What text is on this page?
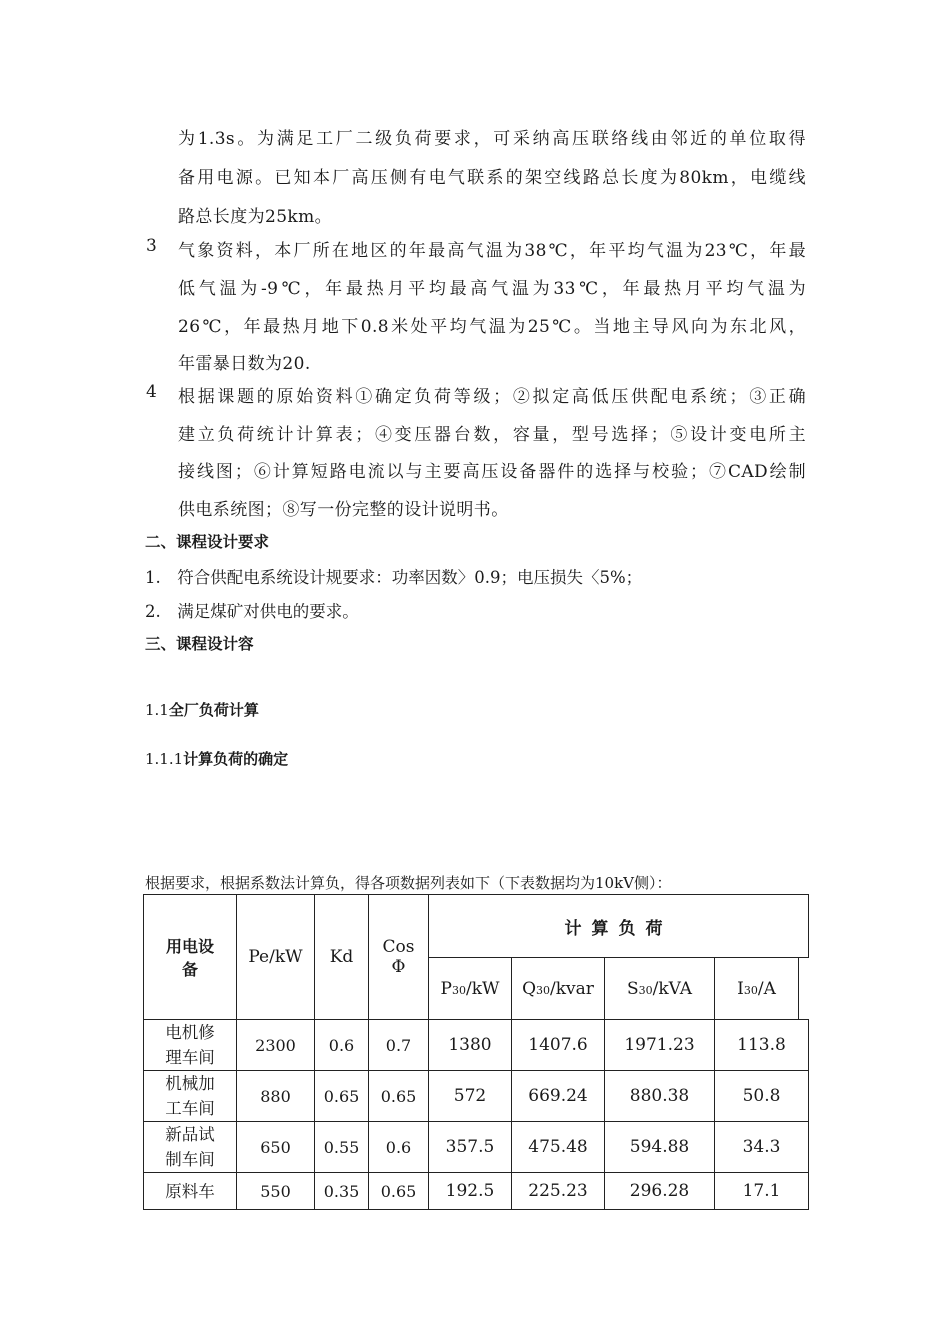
为1.3s。为满足工厂二级负荷要求，可采纳高压联络线由邻近的单位取得
备用电源。已知本厂高压侧有电气联系的架空线路总长度为80km，电缆线
路总长度为25km。
3 气象资料，本厂所在地区的年最高气温为38℃，年平均气温为23℃，年最
低气温为-9℃，年最热月平均最高气温为33℃，年最热月平均气温为
26℃，年最热月地下0.8米处平均气温为25℃。当地主导风向为东北风，
年雷暴日数为20.
4 根据课题的原始资料①确定负荷等级；②拟定高低压供配电系统；③正确
建立负荷统计计算表；④变压器台数，容量，型号选择；⑤设计变电所主
接线图；⑥计算短路电流以与主要高压设备器件的选择与校验；⑦CAD绘制
供电系统图；⑧写一份完整的设计说明书。
二、课程设计要求
1.　符合供配电系统设计规要求：功率因数〉0.9；电压损失〈5%；
2.　满足煤矿对供电的要求。
三、课程设计容
1.1全厂负荷计算
1.1.1计算负荷的确定
根据要求，根据系数法计算负，得各项数据列表如下（下表数据均为10kV侧）：
用电设
备	Pe/kW	Kd	Cos
Φ	计算负荷				
				P30/kW	Q30/kvar	S30/kVA	I30/A	
电机修
理车间	2300	0.6	0.7	1380	1407.6	1971.23	113.8	
机械加
工车间	880	0.65	0.65	572	669.24	880.38	50.8	
新品试
制车间	650	0.55	0.6	357.5	475.48	594.88	34.3	
原料车	550	0.35	0.65	192.5	225.23	296.28	17.1	
